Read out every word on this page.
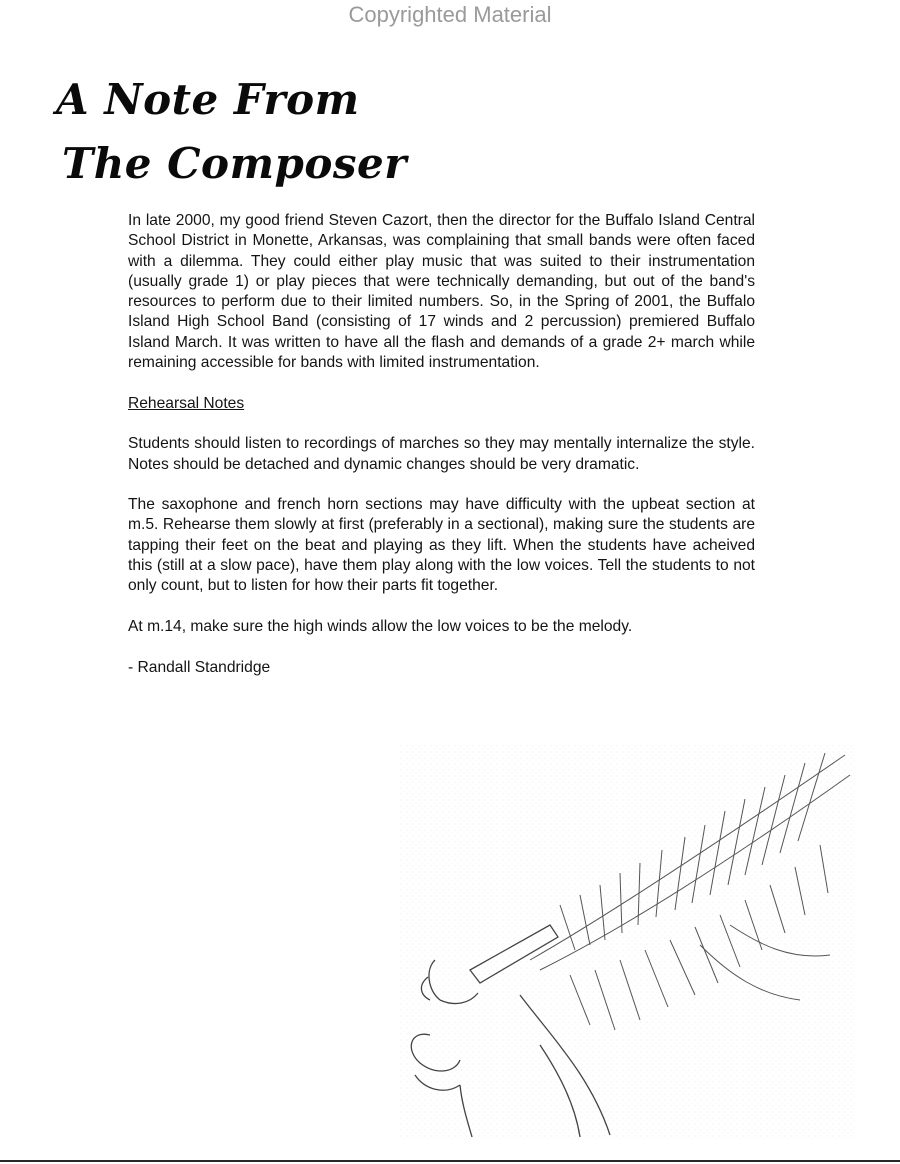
Copyrighted Material
A Note From
The Composer

In late 2000, my good friend Steven Cazort, then the director for the Buffalo Island Central School District in Monette, Arkansas, was complaining that small bands were often faced with a dilemma. They could either play music that was suited to their instrumentation (usually grade 1) or play pieces that were technically demanding, but out of the band's resources to perform due to their limited numbers. So, in the Spring of 2001, the Buffalo Island High School Band (consisting of 17 winds and 2 percussion) premiered Buffalo Island March. It was written to have all the flash and demands of a grade 2+ march while remaining accessible for bands with limited instrumentation.

Rehearsal Notes

Students should listen to recordings of marches so they may mentally internalize the style. Notes should be detached and dynamic changes should be very dramatic.

The saxophone and french horn sections may have difficulty with the upbeat section at m.5. Rehearse them slowly at first (preferably in a sectional), making sure the students are tapping their feet on the beat and playing as they lift. When the students have acheived this (still at a slow pace), have them play along with the low voices. Tell the students to not only count, but to listen for how their parts fit together.

At m.14, make sure the high winds allow the low voices to be the melody.

- Randall Standridge
